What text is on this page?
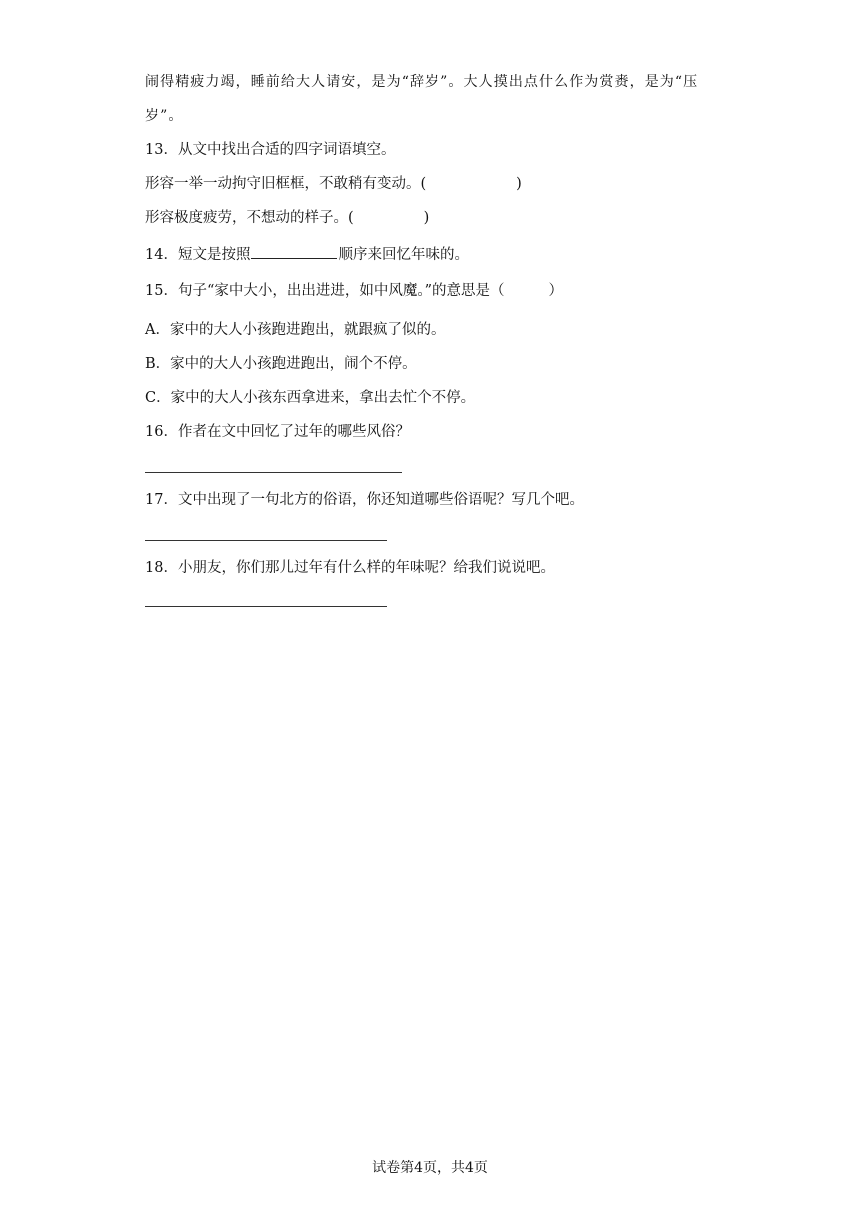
闹得精疲力竭，睡前给大人请安，是为“辞岁”。大人摸出点什么作为赏赉，是为“压
岁”。
13．从文中找出合适的四字词语填空。
形容一举一动拘守旧框框，不敢稍有变动。(	)
形容极度疲劳，不想动的样子。(	)
14．短文是按照	顺序来回忆年味的。
15．句子“家中大小，出出进进，如中风魔。”的意思是（	）
A．家中的大人小孩跑进跑出，就跟疯了似的。
B．家中的大人小孩跑进跑出，闹个不停。
C．家中的大人小孩东西拿进来，拿出去忙个不停。
16．作者在文中回忆了过年的哪些风俗？
17．文中出现了一句北方的俗语，你还知道哪些俗语呢？写几个吧。
18．小朋友，你们那儿过年有什么样的年味呢？给我们说说吧。
试卷第4页，共4页
